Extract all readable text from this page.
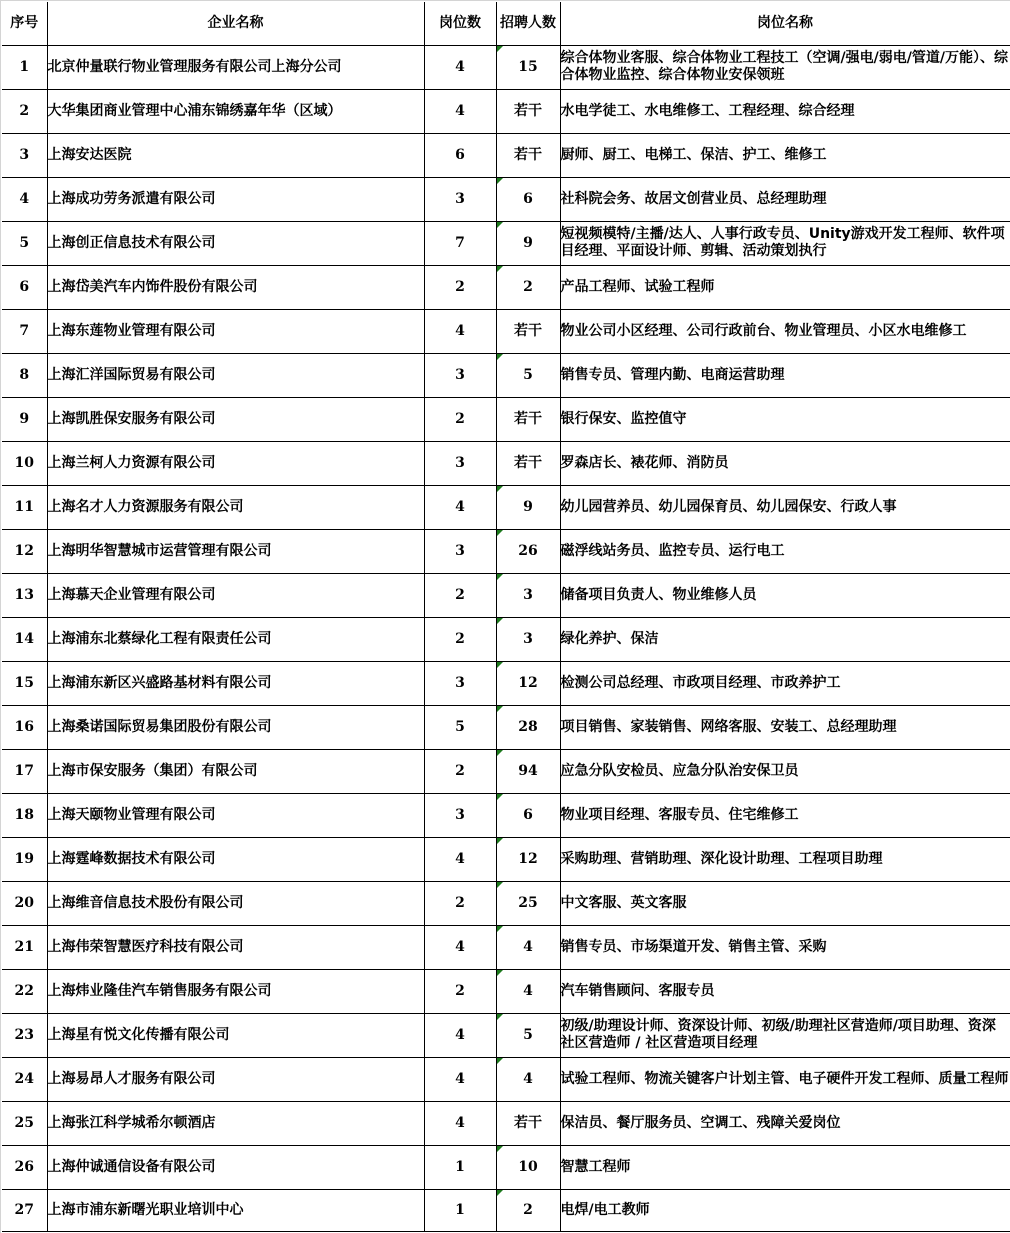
序号	企业名称	岗位数	招聘人数	岗位名称
1	北京仲量联行物业管理服务有限公司上海分公司	4	15	综合体物业客服、综合体物业工程技工（空调/强电/弱电/管道/万能）、综合体物业监控、综合体物业安保领班
2	大华集团商业管理中心浦东锦绣嘉年华（区域）	4	若干	水电学徒工、水电维修工、工程经理、综合经理
3	上海安达医院	6	若干	厨师、厨工、电梯工、保洁、护工、维修工
4	上海成功劳务派遣有限公司	3	6	社科院会务、故居文创营业员、总经理助理
5	上海创正信息技术有限公司	7	9	短视频模特/主播/达人、人事行政专员、Unity游戏开发工程师、软件项目经理、平面设计师、剪辑、活动策划执行
6	上海岱美汽车内饰件股份有限公司	2	2	产品工程师、试验工程师
7	上海东莲物业管理有限公司	4	若干	物业公司小区经理、公司行政前台、物业管理员、小区水电维修工
8	上海汇洋国际贸易有限公司	3	5	销售专员、管理内勤、电商运营助理
9	上海凯胜保安服务有限公司	2	若干	银行保安、监控值守
10	上海兰柯人力资源有限公司	3	若干	罗森店长、裱花师、消防员
11	上海名才人力资源服务有限公司	4	9	幼儿园营养员、幼儿园保育员、幼儿园保安、行政人事
12	上海明华智慧城市运营管理有限公司	3	26	磁浮线站务员、监控专员、运行电工
13	上海慕天企业管理有限公司	2	3	储备项目负责人、物业维修人员
14	上海浦东北蔡绿化工程有限责任公司	2	3	绿化养护、保洁
15	上海浦东新区兴盛路基材料有限公司	3	12	检测公司总经理、市政项目经理、市政养护工
16	上海桑诺国际贸易集团股份有限公司	5	28	项目销售、家装销售、网络客服、安装工、总经理助理
17	上海市保安服务（集团）有限公司	2	94	应急分队安检员、应急分队治安保卫员
18	上海天颐物业管理有限公司	3	6	物业项目经理、客服专员、住宅维修工
19	上海霆峰数据技术有限公司	4	12	采购助理、营销助理、深化设计助理、工程项目助理
20	上海维音信息技术股份有限公司	2	25	中文客服、英文客服
21	上海伟荣智慧医疗科技有限公司	4	4	销售专员、市场渠道开发、销售主管、采购
22	上海炜业隆佳汽车销售服务有限公司	2	4	汽车销售顾问、客服专员
23	上海星有悦文化传播有限公司	4	5	初级/助理设计师、资深设计师、初级/助理社区营造师/项目助理、资深社区营造师 / 社区营造项目经理
24	上海易昂人才服务有限公司	4	4	试验工程师、物流关键客户计划主管、电子硬件开发工程师、质量工程师
25	上海张江科学城希尔顿酒店	4	若干	保洁员、餐厅服务员、空调工、残障关爱岗位
26	上海仲诚通信设备有限公司	1	10	智慧工程师
27	上海市浦东新曙光职业培训中心	1	2	电焊/电工教师
